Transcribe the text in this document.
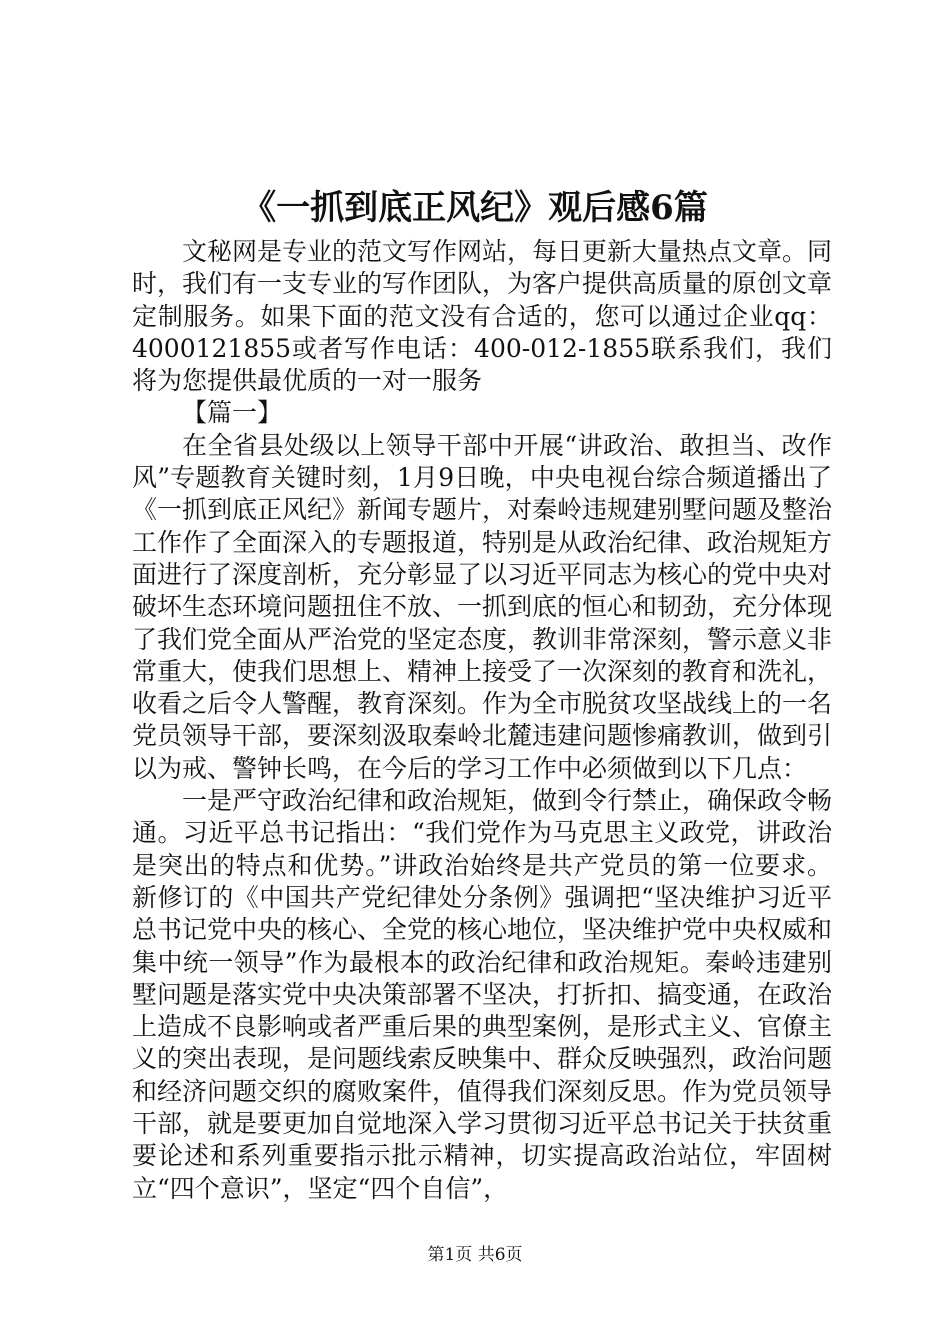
《一抓到底正风纪》观后感6篇

文秘网是专业的范文写作网站，每日更新大量热点文章。同时，我们有一支专业的写作团队，为客户提供高质量的原创文章定制服务。如果下面的范文没有合适的，您可以通过企业qq：4000121855或者写作电话：400-012-1855联系我们，我们将为您提供最优质的一对一服务

【篇一】

在全省县处级以上领导干部中开展“讲政治、敢担当、改作风”专题教育关键时刻，1月9日晚，中央电视台综合频道播出了《一抓到底正风纪》新闻专题片，对秦岭违规建别墅问题及整治工作作了全面深入的专题报道，特别是从政治纪律、政治规矩方面进行了深度剖析，充分彰显了以习近平同志为核心的党中央对破坏生态环境问题扭住不放、一抓到底的恒心和韧劲，充分体现了我们党全面从严治党的坚定态度，教训非常深刻，警示意义非常重大，使我们思想上、精神上接受了一次深刻的教育和洗礼，收看之后令人警醒，教育深刻。作为全市脱贫攻坚战线上的一名党员领导干部，要深刻汲取秦岭北麓违建问题惨痛教训，做到引以为戒、警钟长鸣，在今后的学习工作中必须做到以下几点：

一是严守政治纪律和政治规矩，做到令行禁止，确保政令畅通。习近平总书记指出：“我们党作为马克思主义政党，讲政治是突出的特点和优势。”讲政治始终是共产党员的第一位要求。新修订的《中国共产党纪律处分条例》强调把“坚决维护习近平总书记党中央的核心、全党的核心地位，坚决维护党中央权威和集中统一领导”作为最根本的政治纪律和政治规矩。秦岭违建别墅问题是落实党中央决策部署不坚决，打折扣、搞变通，在政治上造成不良影响或者严重后果的典型案例，是形式主义、官僚主义的突出表现，是问题线索反映集中、群众反映强烈，政治问题和经济问题交织的腐败案件，值得我们深刻反思。作为党员领导干部，就是要更加自觉地深入学习贯彻习近平总书记关于扶贫重要论述和系列重要指示批示精神，切实提高政治站位，牢固树立“四个意识”，坚定“四个自信”，

第1页 共6页
